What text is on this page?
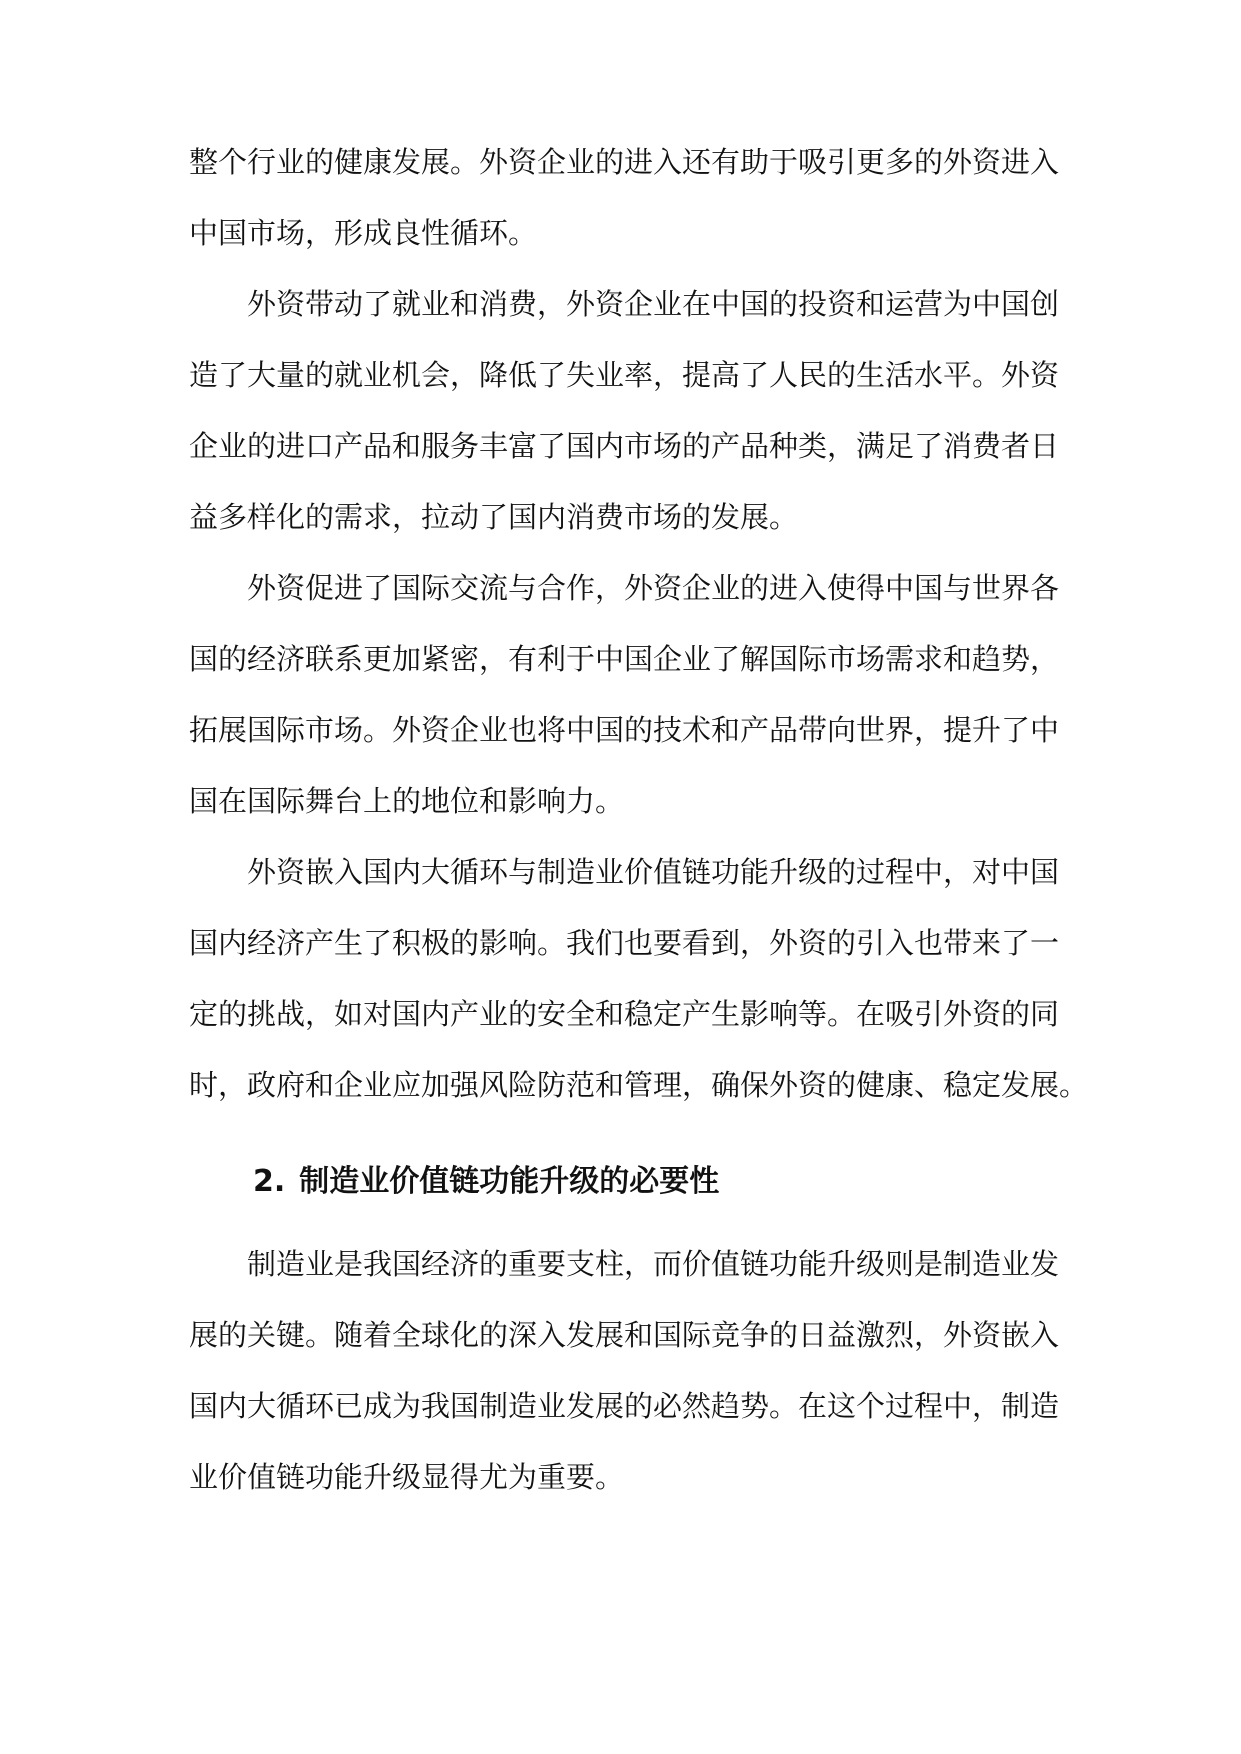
整个行业的健康发展。外资企业的进入还有助于吸引更多的外资进入
中国市场，形成良性循环。
外资带动了就业和消费，外资企业在中国的投资和运营为中国创
造了大量的就业机会，降低了失业率，提高了人民的生活水平。外资
企业的进口产品和服务丰富了国内市场的产品种类，满足了消费者日
益多样化的需求，拉动了国内消费市场的发展。
外资促进了国际交流与合作，外资企业的进入使得中国与世界各
国的经济联系更加紧密，有利于中国企业了解国际市场需求和趋势，
拓展国际市场。外资企业也将中国的技术和产品带向世界，提升了中
国在国际舞台上的地位和影响力。
外资嵌入国内大循环与制造业价值链功能升级的过程中，对中国
国内经济产生了积极的影响。我们也要看到，外资的引入也带来了一
定的挑战，如对国内产业的安全和稳定产生影响等。在吸引外资的同
时，政府和企业应加强风险防范和管理，确保外资的健康、稳定发展。
2. 制造业价值链功能升级的必要性
制造业是我国经济的重要支柱，而价值链功能升级则是制造业发
展的关键。随着全球化的深入发展和国际竞争的日益激烈，外资嵌入
国内大循环已成为我国制造业发展的必然趋势。在这个过程中，制造
业价值链功能升级显得尤为重要。
